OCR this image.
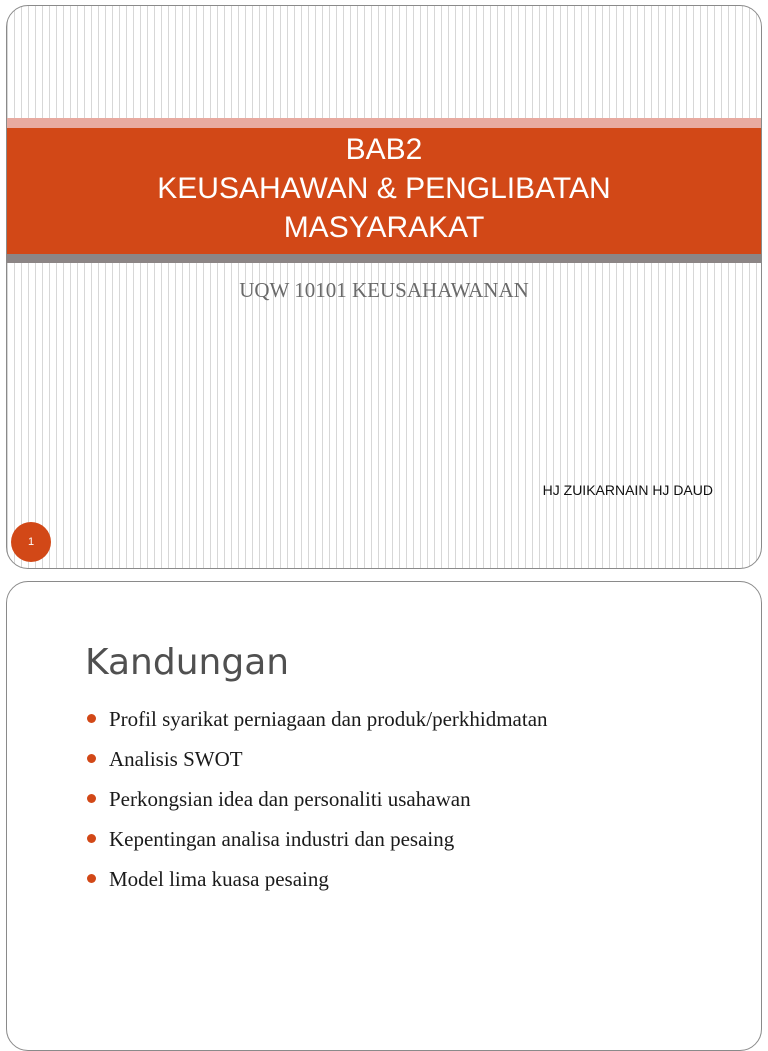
BAB2
KEUSAHAWAN & PENGLIBATAN
MASYARAKAT
UQW 10101 KEUSAHAWANAN
HJ ZUIKARNAIN HJ DAUD
1
Kandungan
Profil syarikat perniagaan dan produk/perkhidmatan
Analisis SWOT
Perkongsian idea dan personaliti usahawan
Kepentingan analisa industri dan pesaing
Model lima kuasa pesaing
